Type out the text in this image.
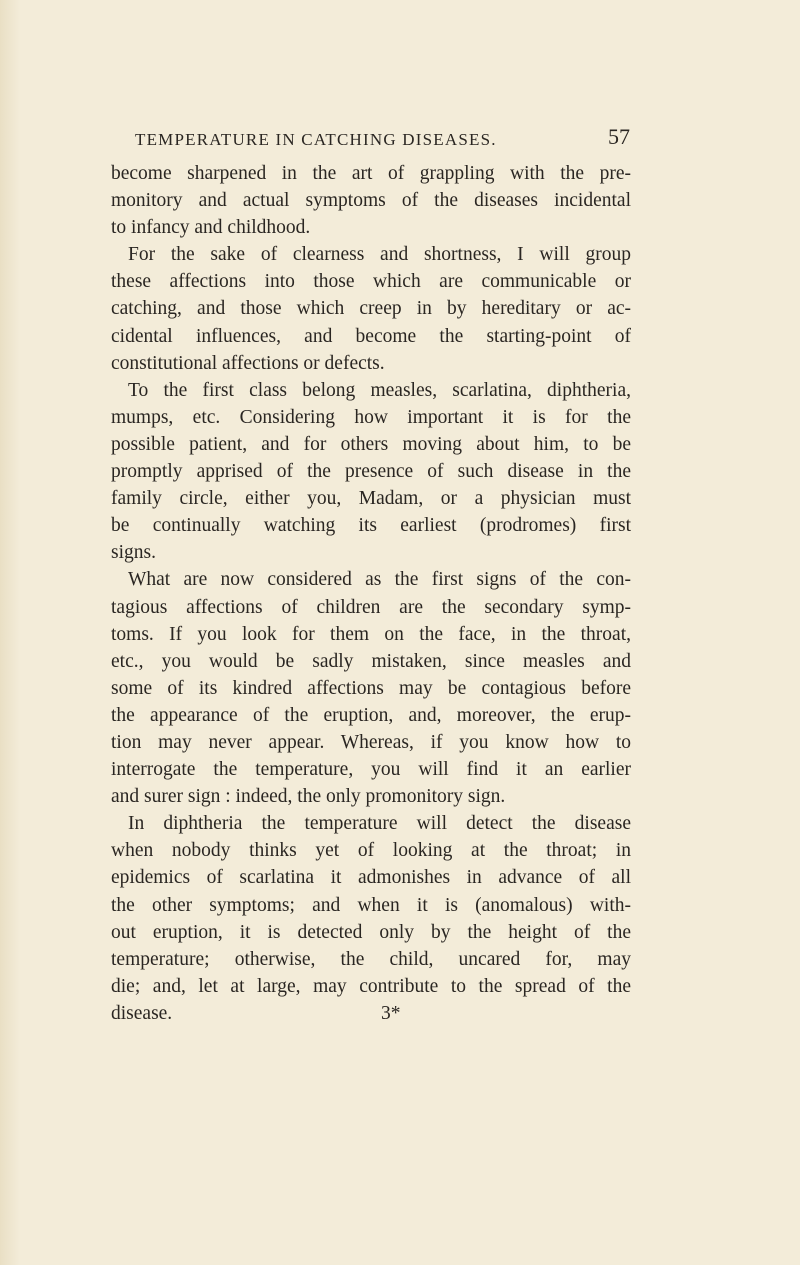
TEMPERATURE IN CATCHING DISEASES.	57
become sharpened in the art of grappling with the pre-
monitory and actual symptoms of the diseases incidental
to infancy and childhood.
For the sake of clearness and shortness, I will group
these affections into those which are communicable or
catching, and those which creep in by hereditary or ac-
cidental influences, and become the starting-point of
constitutional affections or defects.
To the first class belong measles, scarlatina, diphtheria,
mumps, etc. Considering how important it is for the
possible patient, and for others moving about him, to be
promptly apprised of the presence of such disease in the
family circle, either you, Madam, or a physician must
be continually watching its earliest (prodromes) first
signs.
What are now considered as the first signs of the con-
tagious affections of children are the secondary symp-
toms. If you look for them on the face, in the throat,
etc., you would be sadly mistaken, since measles and
some of its kindred affections may be contagious before
the appearance of the eruption, and, moreover, the erup-
tion may never appear. Whereas, if you know how to
interrogate the temperature, you will find it an earlier
and surer sign : indeed, the only promonitory sign.
In diphtheria the temperature will detect the disease
when nobody thinks yet of looking at the throat; in
epidemics of scarlatina it admonishes in advance of all
the other symptoms; and when it is (anomalous) with-
out eruption, it is detected only by the height of the
temperature; otherwise, the child, uncared for, may
die; and, let at large, may contribute to the spread of the
disease.	3*
